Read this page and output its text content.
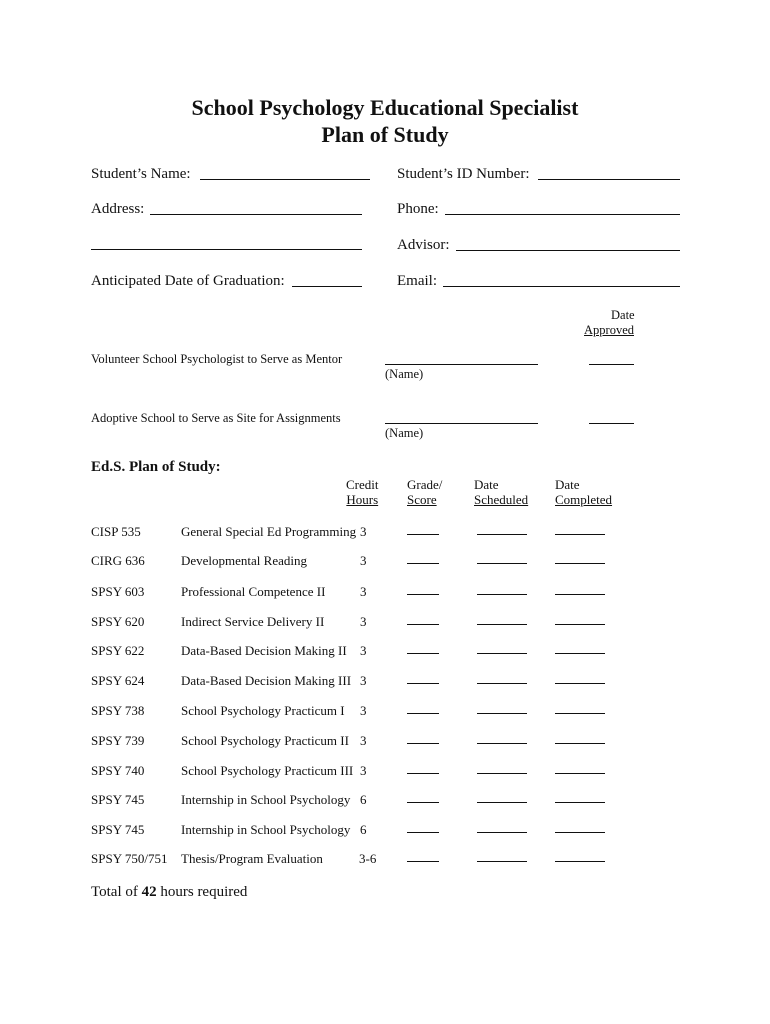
School Psychology Educational Specialist
Plan of Study
Student’s Name:	Student’s ID Number:
Address:	Phone:
Advisor:
Anticipated Date of Graduation:	Email:
Date
Approved
Volunteer School Psychologist to Serve as Mentor
(Name)
Adoptive School to Serve as Site for Assignments
(Name)
Ed.S. Plan of Study:
Credit
Hours
Grade/
Score
Date
Scheduled
Date
Completed
CISP 535	General Special Ed Programming 3
CIRG 636	Developmental Reading	3
SPSY 603	Professional Competence II	3
SPSY 620	Indirect Service Delivery II	3
SPSY 622	Data-Based Decision Making II 3
SPSY 624	Data-Based Decision Making III 3
SPSY 738	School Psychology Practicum I 3
SPSY 739	School Psychology Practicum II 3
SPSY 740	School Psychology Practicum III 3
SPSY 745	Internship in School Psychology 6
SPSY 745	Internship in School Psychology 6
SPSY 750/751 Thesis/Program Evaluation	3-6
Total of 42 hours required
